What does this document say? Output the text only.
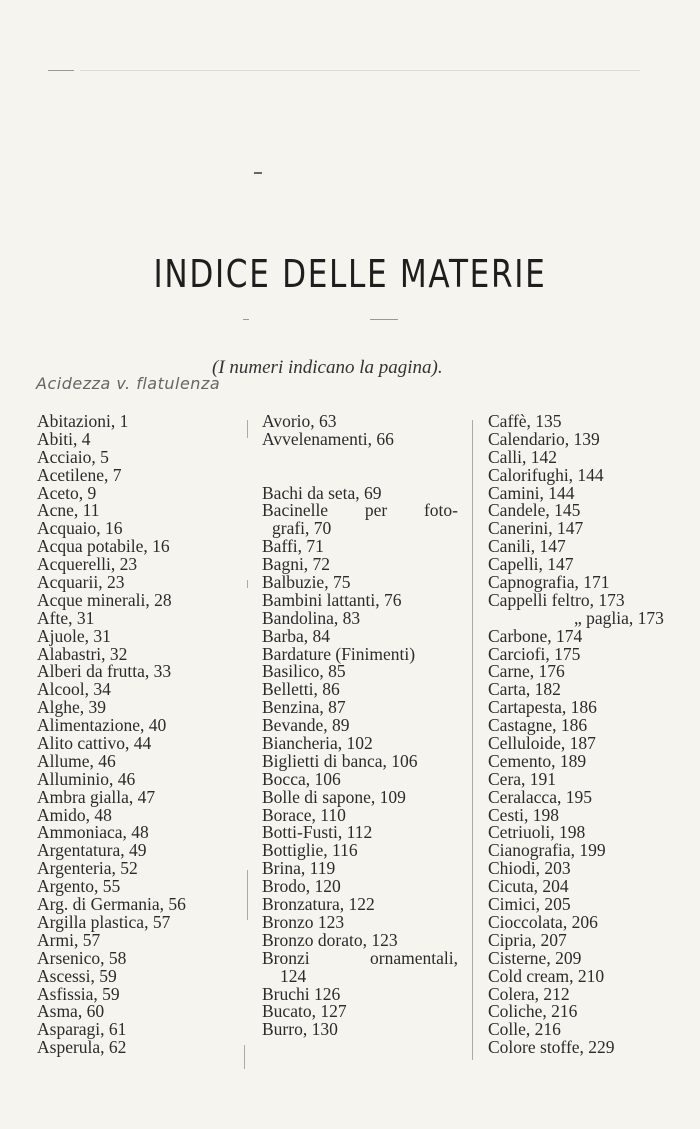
INDICE DELLE MATERIE
(I numeri indicano la pagina).
Acidezza v. flatulenza
Abitazioni, 1
Abiti, 4
Acciaio, 5
Acetilene, 7
Aceto, 9
Acne, 11
Acquaio, 16
Acqua potabile, 16
Acquerelli, 23
Acquarii, 23
Acque minerali, 28
Afte, 31
Ajuole, 31
Alabastri, 32
Alberi da frutta, 33
Alcool, 34
Alghe, 39
Alimentazione, 40
Alito cattivo, 44
Allume, 46
Alluminio, 46
Ambra gialla, 47
Amido, 48
Ammoniaca, 48
Argentatura, 49
Argenteria, 52
Argento, 55
Arg. di Germania, 56
Argilla plastica, 57
Armi, 57
Arsenico, 58
Ascessi, 59
Asfissia, 59
Asma, 60
Asparagi, 61
Asperula, 62
Avorio, 63
Avvelenamenti, 66
Bachi da seta, 69
Bacinelle per foto-
grafi, 70
Baffi, 71
Bagni, 72
Balbuzie, 75
Bambini lattanti, 76
Bandolina, 83
Barba, 84
Bardature (Finimenti)
Basilico, 85
Belletti, 86
Benzina, 87
Bevande, 89
Biancheria, 102
Biglietti di banca, 106
Bocca, 106
Bolle di sapone, 109
Borace, 110
Botti-Fusti, 112
Bottiglie, 116
Brina, 119
Brodo, 120
Bronzatura, 122
Bronzo 123
Bronzo dorato, 123
Bronzi ornamentali,
124
Bruchi 126
Bucato, 127
Burro, 130
Caffè, 135
Calendario, 139
Calli, 142
Calorifughi, 144
Camini, 144
Candele, 145
Canerini, 147
Canili, 147
Capelli, 147
Capnografia, 171
Cappelli feltro, 173
„ paglia, 173
Carbone, 174
Carciofi, 175
Carne, 176
Carta, 182
Cartapesta, 186
Castagne, 186
Celluloide, 187
Cemento, 189
Cera, 191
Ceralacca, 195
Cesti, 198
Cetriuoli, 198
Cianografia, 199
Chiodi, 203
Cicuta, 204
Cimici, 205
Cioccolata, 206
Cipria, 207
Cisterne, 209
Cold cream, 210
Colera, 212
Coliche, 216
Colle, 216
Colore stoffe, 229
